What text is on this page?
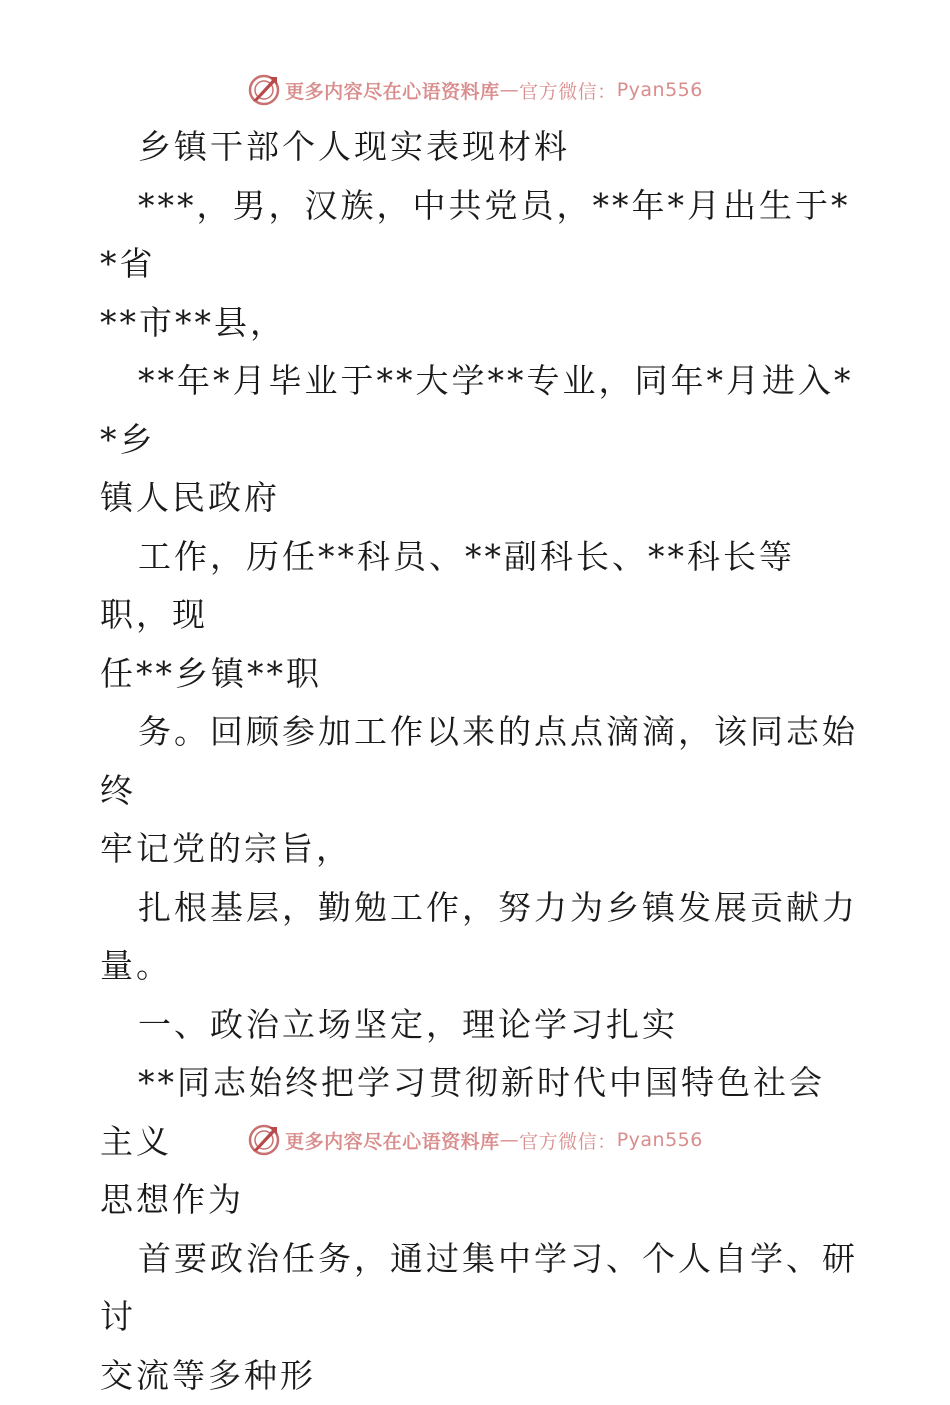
更多内容尽在心语资料库 — 官方微信： Pyan556

乡镇干部个人现实表现材料

***，男，汉族，中共党员，**年*月出生于**省

**市**县，

**年*月毕业于**大学**专业，同年*月进入**乡

镇人民政府

工作，历任**科员、**副科长、**科长等职，现

任**乡镇**职

务。回顾参加工作以来的点点滴滴，该同志始终

牢记党的宗旨，

扎根基层，勤勉工作，努力为乡镇发展贡献力

量。

一、政治立场坚定，理论学习扎实

**同志始终把学习贯彻新时代中国特色社会主义

思想作为

首要政治任务，通过集中学习、个人自学、研讨

交流等多种形

更多内容尽在心语资料库 — 官方微信： Pyan556
